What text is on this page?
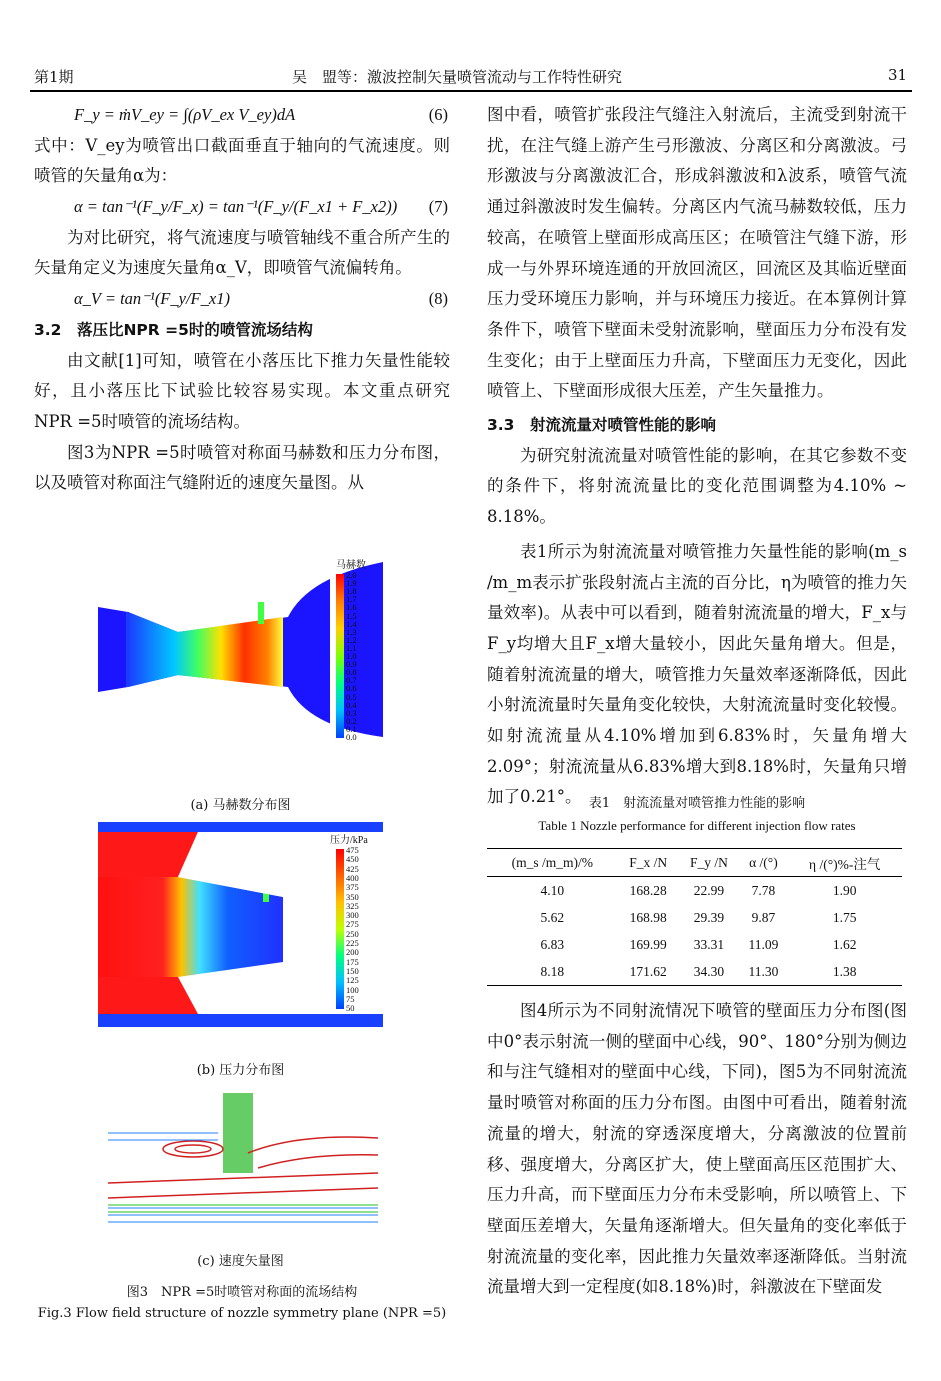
第1期	吴　盟等：激波控制矢量喷管流动与工作特性研究	31
F_y = ṁV_ey = ∫(ρV_ex V_ey)dA	(6)

式中：V_ey为喷管出口截面垂直于轴向的气流速度。则喷管的矢量角α为：

α = tan⁻¹(F_y/F_x) = tan⁻¹(F_y/(F_x1 + F_x2)) (7)

为对比研究，将气流速度与喷管轴线不重合所产生的矢量角定义为速度矢量角α_V，即喷管气流偏转角。

α_V = tan⁻¹(F_y/F_x1)	(8)

3.2　落压比NPR =5时的喷管流场结构

由文献[1]可知，喷管在小落压比下推力矢量性能较好，且小落压比下试验比较容易实现。本文重点研究NPR =5时喷管的流场结构。

图3为NPR =5时喷管对称面马赫数和压力分布图，以及喷管对称面注气缝附近的速度矢量图。从

马赫数
2.0
1.9
1.8
1.7
1.6
1.5
1.4
1.3
1.2
1.1
1.0
0.9
0.8
0.7
0.6
0.5
0.4
0.3
0.2
0.1
0.0
(a) 马赫数分布图
压力/kPa
475
450
425
400
375
350
325
300
275
250
225
200
175
150
125
100
75
50
(b) 压力分布图
(c) 速度矢量图
图3　NPR =5时喷管对称面的流场结构
Fig.3 Flow field structure of nozzle symmetry plane (NPR =5)

图中看，喷管扩张段注气缝注入射流后，主流受到射流干扰，在注气缝上游产生弓形激波、分离区和分离激波。弓形激波与分离激波汇合，形成斜激波和λ波系，喷管气流通过斜激波时发生偏转。分离区内气流马赫数较低，压力较高，在喷管上壁面形成高压区；在喷管注气缝下游，形成一与外界环境连通的开放回流区，回流区及其临近壁面压力受环境压力影响，并与环境压力接近。在本算例计算条件下，喷管下壁面未受射流影响，壁面压力分布没有发生变化；由于上壁面压力升高，下壁面压力无变化，因此喷管上、下壁面形成很大压差，产生矢量推力。

3.3　射流流量对喷管性能的影响

为研究射流流量对喷管性能的影响，在其它参数不变的条件下，将射流流量比的变化范围调整为4.10% ~ 8.18%。

表1所示为射流流量对喷管推力矢量性能的影响(m_s /m_m表示扩张段射流占主流的百分比，η为喷管的推力矢量效率)。从表中可以看到，随着射流流量的增大，F_x与F_y均增大且F_x增大量较小，因此矢量角增大。但是，随着射流流量的增大，喷管推力矢量效率逐渐降低，因此小射流流量时矢量角变化较快，大射流流量时变化较慢。如射流流量从4.10%增加到6.83%时，矢量角增大2.09°；射流流量从6.83%增大到8.18%时，矢量角只增加了0.21°。 表1　射流流量对喷管推力性能的影响
Table 1 Nozzle performance for different injection flow rates
(m_s /m_m)/%	F_x /N	F_y /N	α /(°)	η /(°)%-注气
4.10	168.28	22.99	7.78	1.90
5.62	168.98	29.39	9.87	1.75
6.83	169.99	33.31	11.09	1.62
8.18	171.62	34.30	11.30	1.38

图4所示为不同射流情况下喷管的壁面压力分布图(图中0°表示射流一侧的壁面中心线，90°、180°分别为侧边和与注气缝相对的壁面中心线，下同)，图5为不同射流流量时喷管对称面的压力分布图。由图中可看出，随着射流流量的增大，射流的穿透深度增大，分离激波的位置前移、强度增大，分离区扩大，使上壁面高压区范围扩大、压力升高，而下壁面压力分布未受影响，所以喷管上、下壁面压差增大，矢量角逐渐增大。但矢量角的变化率低于射流流量的变化率，因此推力矢量效率逐渐降低。当射流流量增大到一定程度(如8.18%)时，斜激波在下壁面发
